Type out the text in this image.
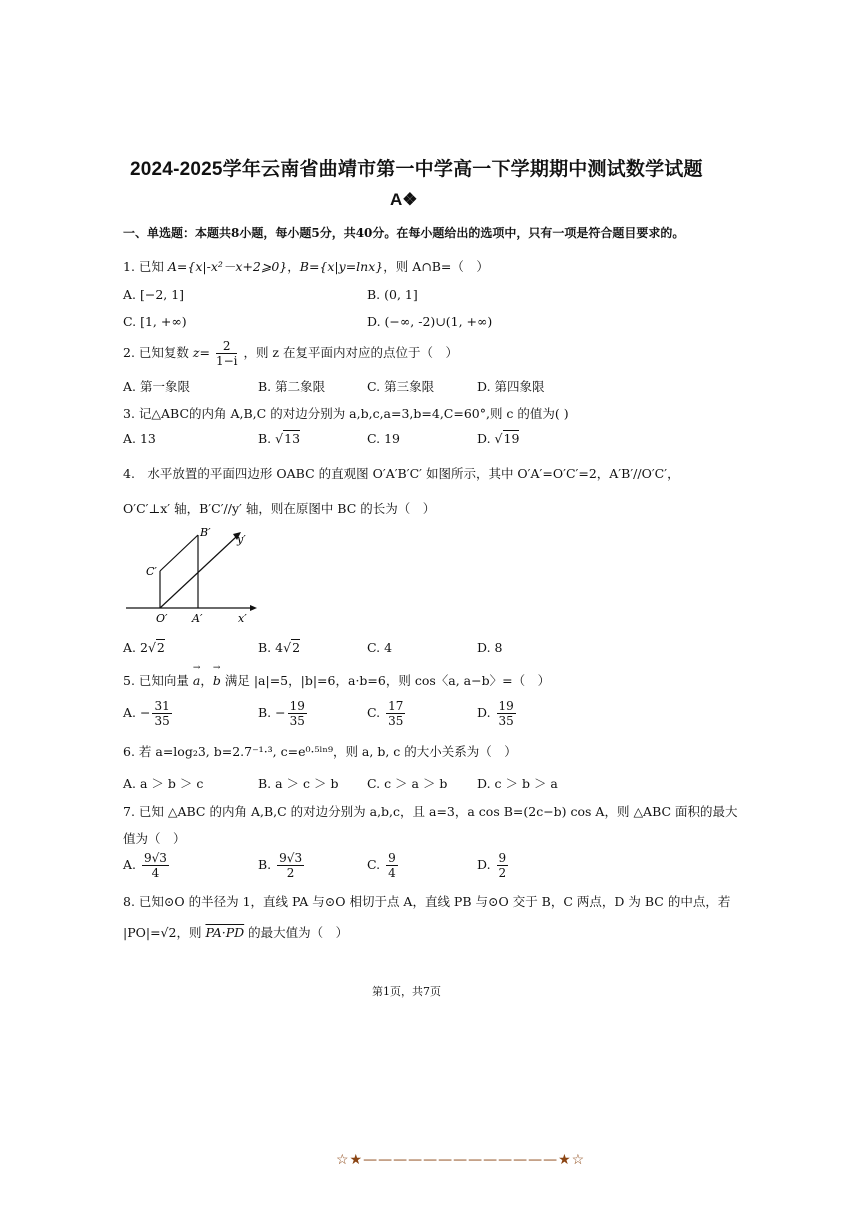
2024-2025学年云南省曲靖市第一中学高一下学期期中测试数学试题
A❖
一、单选题：本题共8小题，每小题5分，共40分。在每小题给出的选项中，只有一项是符合题目要求的。
1. 已知 A={x|-x²－x+2⩾0}，B={x|y=lnx}，则 A∩B=（　）
A. [−2, 1]	B. (0, 1]
C. [1, +∞)	D. (−∞, -2)∪(1, +∞)
2. 已知复数 $z= \frac{2}{1-i}$ ，则 z 在复平面内对应的点位于（　）
A. 第一象限	B. 第二象限	C. 第三象限	D. 第四象限
3. 记△ABC的内角 A,B,C 的对边分别为 a,b,c,a=3,b=4,C=60°,则 c 的值为( )
A. 13	B. √13	C. 19	D. √19
4.　水平放置的平面四边形 OABC 的直观图 O′A′B′C′ 如图所示，其中 O′A′=O′C′=2，A′B′//O′C′，
O′C′⊥x′ 轴，B′C′//y′ 轴，则在原图中 BC 的长为（　）
B′
C′
O′ A′	x′
y′
A. 2√2	B. 4√2	C. 4	D. 8
5. 已知向量 → a，→ b 满足 |a|=5，|b|=6，a·b=6，则 cos〈a, a−b〉=（　）
A. − $\frac{31}{35}$	B. − $\frac{19}{35}$	C. $\frac{17}{35}$	D. $\frac{19}{35}$
6. 若 a=log₂3, b=2.7⁻¹·³, c=e⁰·⁵ˡⁿ⁹，则 a, b, c 的大小关系为（　）
A. a ＞ b ＞ c	B. a ＞ c ＞ b C. c ＞ a ＞ b D. c ＞ b ＞ a
7. 已知 △ABC 的内角 A,B,C 的对边分别为 a,b,c，且 a=3，a cos B=(2c−b) cos A，则 △ABC 面积的最大
值为（　）
A. $\frac{9√3}{4}$	B. $\frac{9√3}{2}$	C. $\frac{9}{4}$	D. $\frac{9}{2}$
8. 已知⊙O 的半径为 1，直线 PA 与⊙O 相切于点 A，直线 PB 与⊙O 交于 B，C 两点，D 为 BC 的中点，若
|PO|=√2，则 PA·PD 的最大值为（　）
第1页，共7页
☆★—————————————★☆
